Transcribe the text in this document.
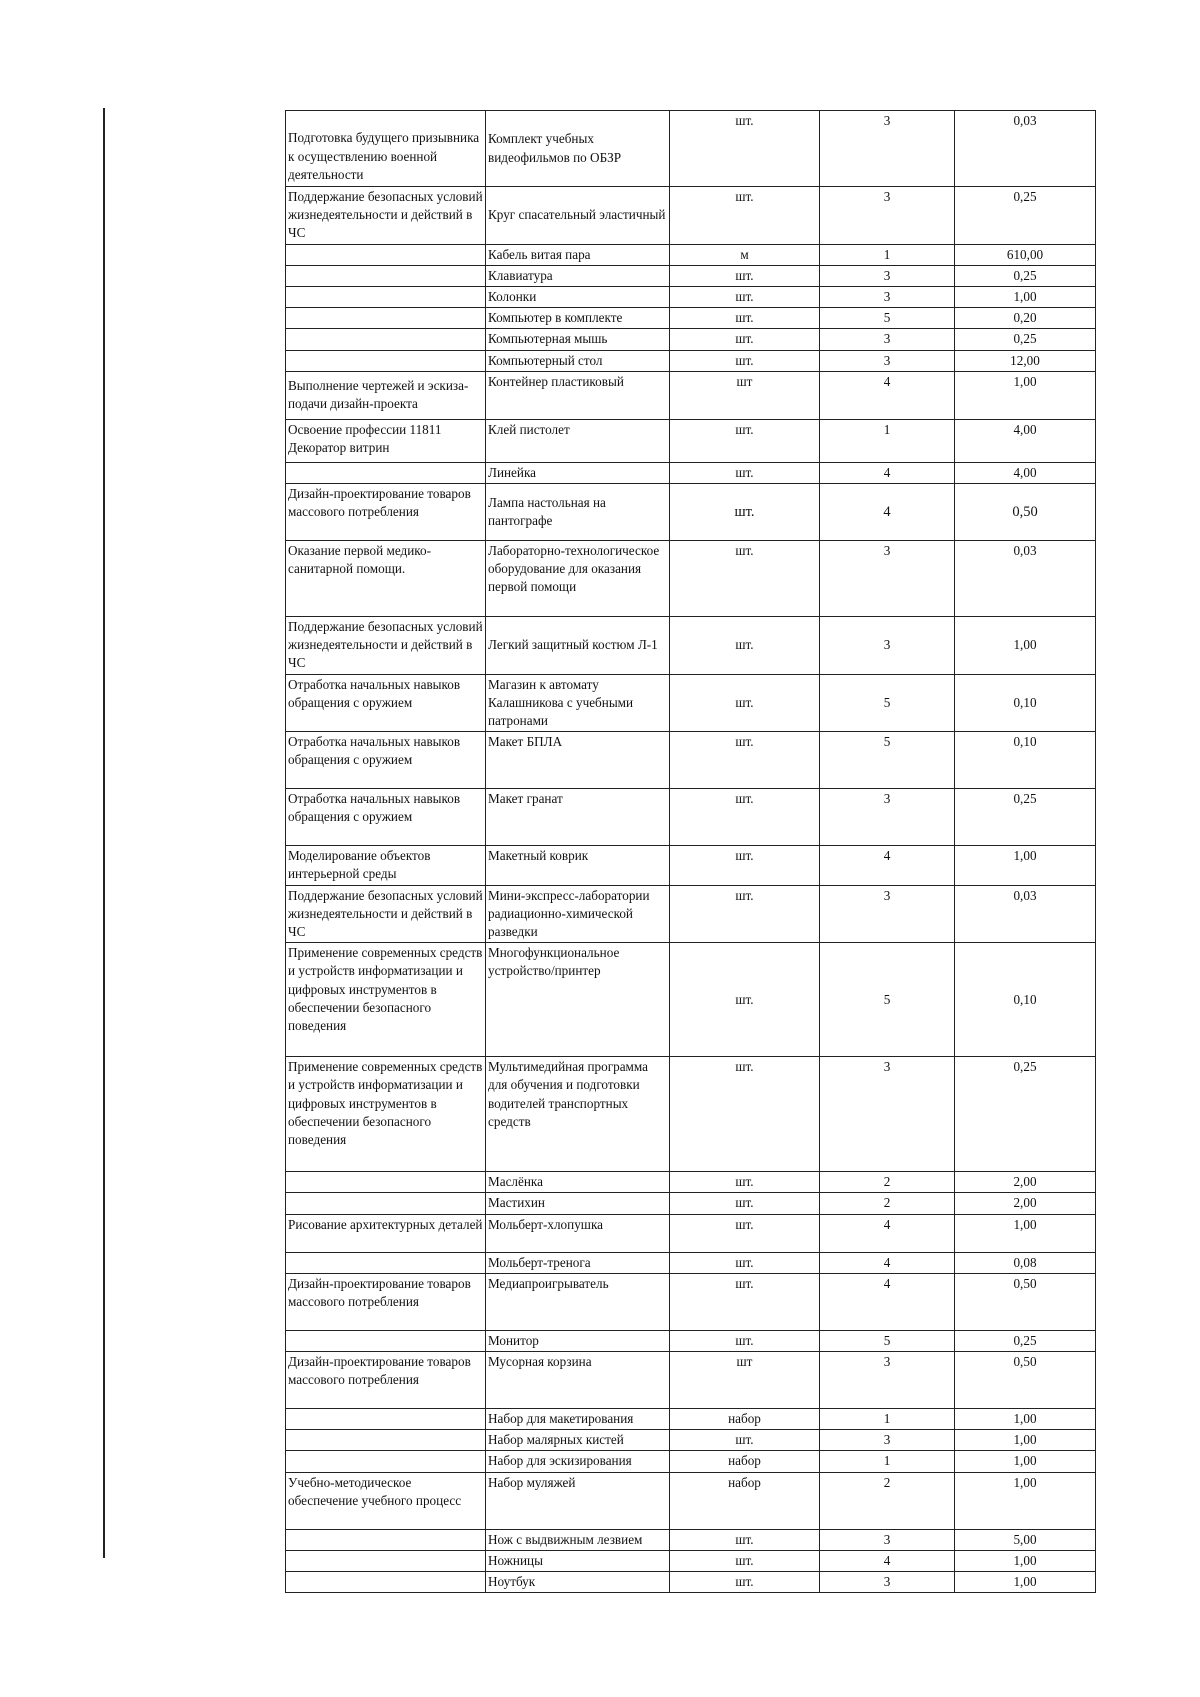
Подготовка будущего призывника к осуществлению военной деятельности	Комплект учебных видеофильмов по ОБЗР	шт.	3	0,03
Поддержание безопасных условий жизнедеятельности и действий в ЧС	Круг спасательный эластичный	шт.	3	0,25
	Кабель витая пара	м	1	610,00
	Клавиатура	шт.	3	0,25
	Колонки	шт.	3	1,00
	Компьютер в комплекте	шт.	5	0,20
	Компьютерная мышь	шт.	3	0,25
	Компьютерный стол	шт.	3	12,00
Выполнение чертежей и эскиза-подачи дизайн-проекта	Контейнер пластиковый	шт	4	1,00
Освоение профессии 11811 Декоратор витрин	Клей пистолет	шт.	1	4,00
	Линейка	шт.	4	4,00
Дизайн-проектирование товаров массового потребления	Лампа настольная на пантографе	шт.	4	0,50
Оказание первой медико-санитарной помощи.	Лабораторно-технологическое оборудование для оказания первой помощи	шт.	3	0,03
Поддержание безопасных условий жизнедеятельности и действий в ЧС	Легкий защитный костюм Л-1	шт.	3	1,00
Отработка начальных навыков обращения с оружием	Магазин к автомату Калашникова с учебными патронами	шт.	5	0,10
Отработка начальных навыков обращения с оружием	Макет БПЛА	шт.	5	0,10
Отработка начальных навыков обращения с оружием	Макет гранат	шт.	3	0,25
Моделирование объектов интерьерной среды	Макетный коврик	шт.	4	1,00
Поддержание безопасных условий жизнедеятельности и действий в ЧС	Мини-экспресс-лаборатории радиационно-химической разведки	шт.	3	0,03
Применение современных средств и устройств информатизации и цифровых инструментов в обеспечении безопасного поведения	Многофункциональное устройство/принтер	шт.	5	0,10
Применение современных средств и устройств информатизации и цифровых инструментов в обеспечении безопасного поведения	Мультимедийная программа для обучения и подготовки водителей транспортных средств	шт.	3	0,25
	Маслёнка	шт.	2	2,00
	Мастихин	шт.	2	2,00
Рисование архитектурных деталей	Мольберт-хлопушка	шт.	4	1,00
	Мольберт-тренога	шт.	4	0,08
Дизайн-проектирование товаров массового потребления	Медиапроигрыватель	шт.	4	0,50
	Монитор	шт.	5	0,25
Дизайн-проектирование товаров массового потребления	Мусорная корзина	шт	3	0,50
	Набор для макетирования	набор	1	1,00
	Набор малярных кистей	шт.	3	1,00
	Набор для эскизирования	набор	1	1,00
Учебно-методическое обеспечение учебного процесс	Набор муляжей	набор	2	1,00
	Нож с выдвижным лезвием	шт.	3	5,00
	Ножницы	шт.	4	1,00
	Ноутбук	шт.	3	1,00
